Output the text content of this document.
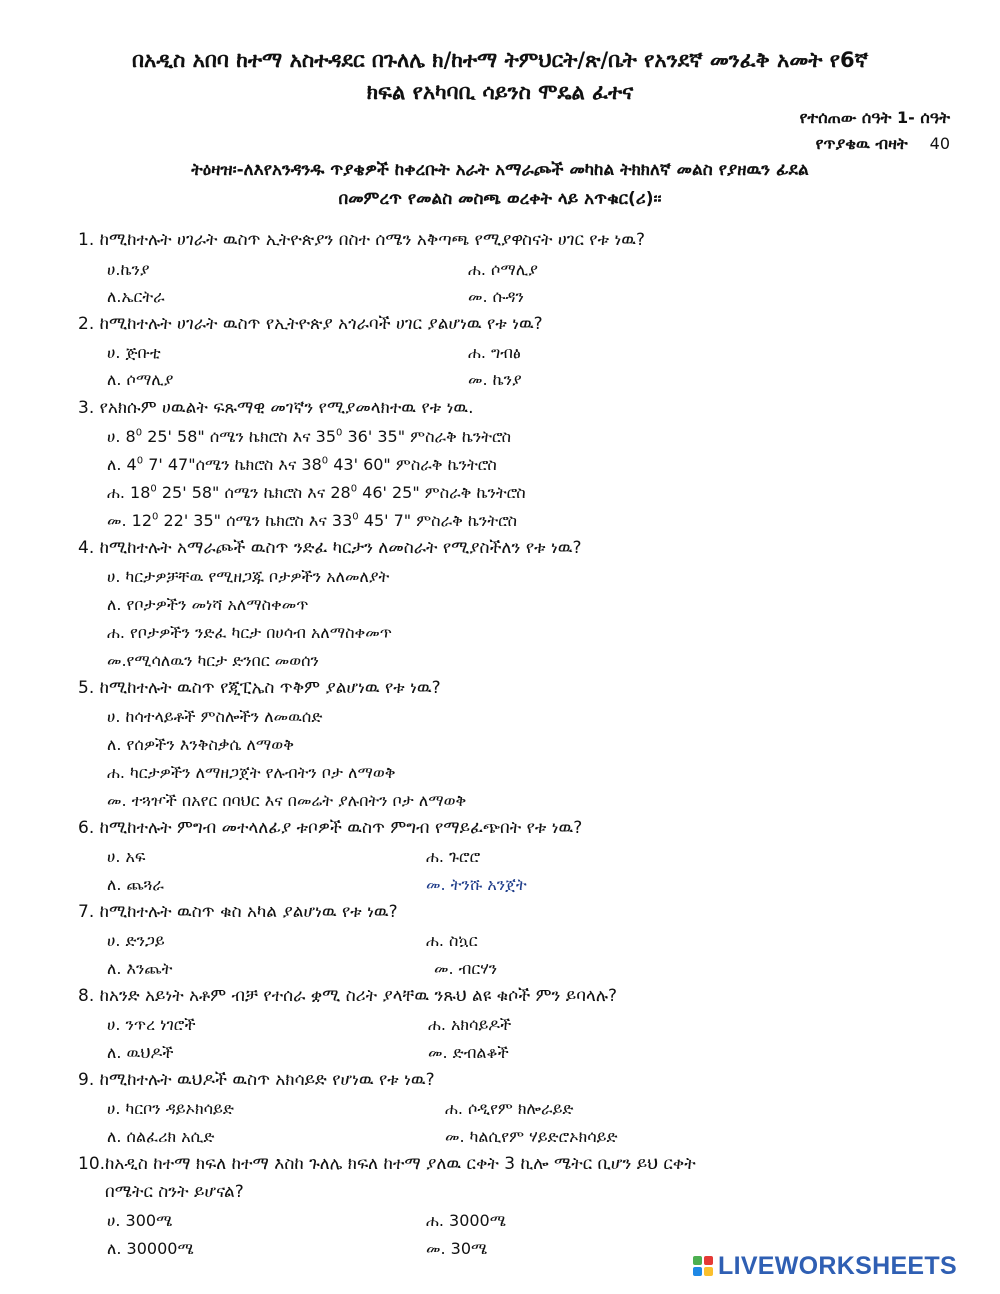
በአዲስ አበባ ከተማ አስተዳደር በጉለሌ ክ/ከተማ ትምህርት/ጽ/ቤት የአንደኛ መንፈቅ አመት የ6ኛ
ክፍል የአካባቢ ሳይንስ ሞዴል ፈተና
የተሰጠው ሰዓት 1- ሰዓት
የጥያቄዉ ብዛት 40
ትዕዛዝ፡-ለእየአንዳንዱ ጥያቄዎች ከቀረቡት አራት አማራጮች መካከል ትክክለኛ መልስ የያዘዉን ፊደል
በመምረጥ የመልስ መስጫ ወረቀት ላይ አጥቁር(ሪ)፡፡
1. ከሚከተሉት ሀገራት ዉስጥ ኢትዮጵያን በስተ ሰሜን አቅጣጫ የሚያዋስናት ሀገር የቱ ነዉ?
ሀ.ኬንያ	ሐ. ሶማሊያ
ለ.ኤርትራ	መ. ሱዳን
2. ከሚከተሉት ሀገራት ዉስጥ የኢትዮጵያ አጎራባች ሀገር ያልሆነዉ የቱ ነዉ?
ሀ. ጅቡቲ	ሐ. ግብፅ
ለ. ሶማሊያ	መ. ኬንያ
3. የአክሱም ሀዉልት ፍጹማዊ መገኛን የሚያመላክተዉ የቱ ነዉ.
ሀ. $8^0$ 25' 58" ሰሜን ኬክሮስ እና $35^0$ 36' 35" ምስራቅ ኬንትሮስ
ለ. $4^0$ 7' 47"ሰሜን ኬክሮስ እና $38^0$ 43' 60" ምስራቅ ኬንትሮስ
ሐ. $18^0$ 25' 58" ሰሜን ኬክሮስ እና $28^0$ 46' 25" ምስራቅ ኬንትሮስ
መ. $12^0$ 22' 35" ሰሜን ኬክሮስ እና $33^0$ 45' 7" ምስራቅ ኬንትሮስ
4. ከሚከተሉት አማራጮች ዉስጥ ንድፈ ካርታን ለመስራት የሚያስችለን የቱ ነዉ?
ሀ. ካርታዎቻቸዉ የሚዘጋጁ ቦታዎችን አለመለያት
ለ. የቦታዎችን መነሻ አለማስቀመጥ
ሐ. የቦታዎችን ንድፈ ካርታ በሀሳብ አለማስቀመጥ
መ.የሚሳለዉን ካርታ ድንበር መወሰን
5. ከሚከተሉት ዉስጥ የጂፒኤስ ጥቅም ያልሆነዉ የቱ ነዉ?
ሀ. ከሳተላይቶች ምስሎችን ለመዉሰድ
ለ. የሰዎችን እንቅስቃሴ ለማወቅ
ሐ. ካርታዎችን ለማዘጋጀት የሉብትን ቦታ ለማወቅ
መ. ተጓዦች በአየር በባህር እና በመሬት ያሉበትን ቦታ ለማወቅ
6. ከሚከተሉት ምግብ መተላለፊያ ቱቦዎች ዉስጥ ምግብ የማይፈጭበት የቱ ነዉ?
ሀ. አፍ	ሐ. ጉሮሮ
ለ. ጨጓራ	መ. ትንሹ አንጀት
7. ከሚከተሉት ዉስጥ ቁስ አካል ያልሆነዉ የቱ ነዉ?
ሀ. ድንጋይ	ሐ. ስኳር
ለ. እንጨት	መ. ብርሃን
8. ከአንድ አይነት አቶም ብቻ የተሰራ ቋሚ ስሪት ያላቸዉ ንጹህ ልዩ ቁሶች ምን ይባላሉ?
ሀ. ንጥረ ነገሮች	ሐ. አክሳይዶች
ለ. ዉህዶች	መ. ድብልቆች
9. ከሚከተሉት ዉህዶች ዉስጥ አክሳይድ የሆነዉ የቱ ነዉ?
ሀ. ካርቦን ዳይኦክሳይድ	ሐ. ሶዲየም ክሎራይድ
ለ. ሰልፈሪክ አሲድ	መ. ካልሲየም ሃይድሮኦክሳይድ
10.ከአዲስ ከተማ ክፍለ ከተማ እስከ ጉለሌ ክፍለ ከተማ ያለዉ ርቀት 3 ኪሎ ሜትር ቢሆን ይህ ርቀት
በሜትር ስንት ይሆናል?
ሀ. 300ሜ	ሐ. 3000ሜ
ለ. 30000ሜ	መ. 30ሜ
LIVEWORKSHEETS
